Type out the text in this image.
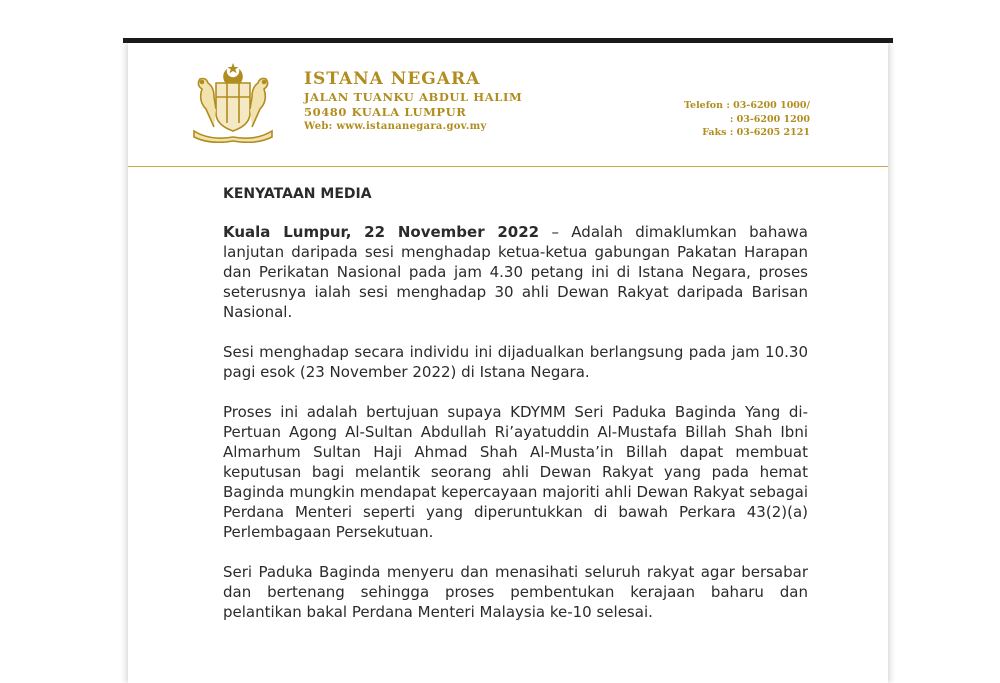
ISTANA NEGARA
JALAN TUANKU ABDUL HALIM
50480 KUALA LUMPUR
Web: www.istananegara.gov.my
Telefon : 03-6200 1000/
: 03-6200 1200
Faks : 03-6205 2121
KENYATAAN MEDIA

Kuala Lumpur, 22 November 2022 – Adalah dimaklumkan bahawa lanjutan daripada sesi menghadap ketua-ketua gabungan Pakatan Harapan dan Perikatan Nasional pada jam 4.30 petang ini di Istana Negara, proses seterusnya ialah sesi menghadap 30 ahli Dewan Rakyat daripada Barisan Nasional.

Sesi menghadap secara individu ini dijadualkan berlangsung pada jam 10.30 pagi esok (23 November 2022) di Istana Negara.

Proses ini adalah bertujuan supaya KDYMM Seri Paduka Baginda Yang di-Pertuan Agong Al-Sultan Abdullah Ri’ayatuddin Al-Mustafa Billah Shah Ibni Almarhum Sultan Haji Ahmad Shah Al-Musta’in Billah dapat membuat keputusan bagi melantik seorang ahli Dewan Rakyat yang pada hemat Baginda mungkin mendapat kepercayaan majoriti ahli Dewan Rakyat sebagai Perdana Menteri seperti yang diperuntukkan di bawah Perkara 43(2)(a) Perlembagaan Persekutuan.

Seri Paduka Baginda menyeru dan menasihati seluruh rakyat agar bersabar dan bertenang sehingga proses pembentukan kerajaan baharu dan pelantikan bakal Perdana Menteri Malaysia ke-10 selesai.
